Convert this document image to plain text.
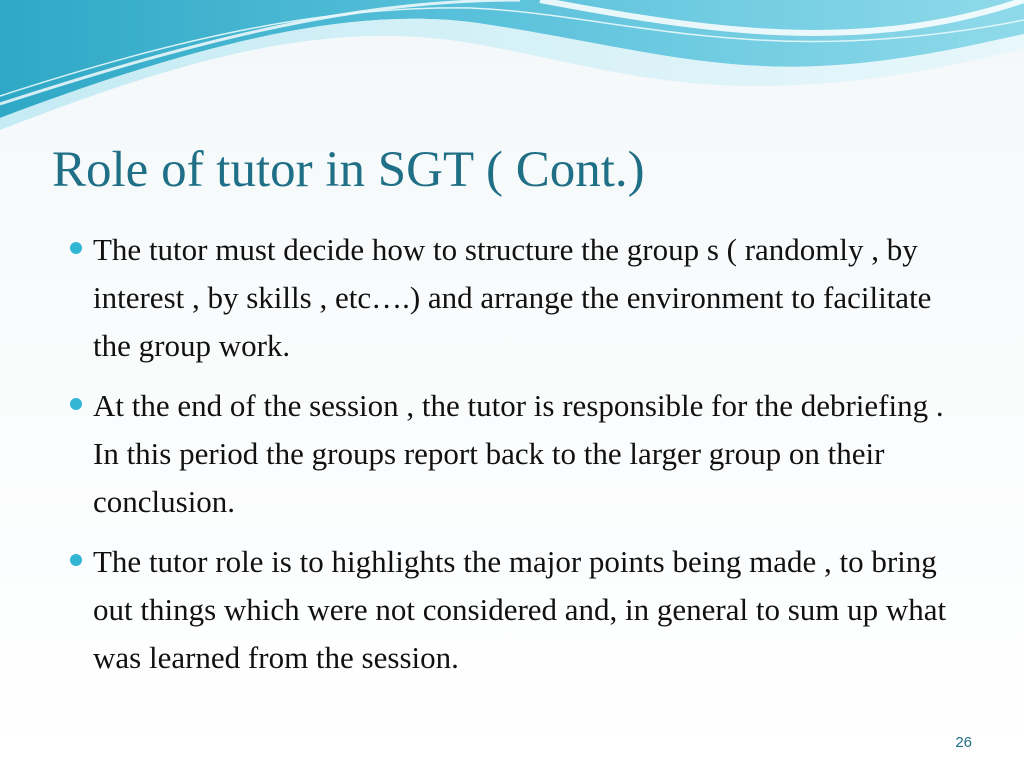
Role of tutor in SGT ( Cont.)
The tutor must decide how to structure the group s ( randomly , by interest , by skills , etc….) and arrange the environment to facilitate the group work.
At the end of the session , the tutor is responsible for the debriefing . In this period the groups report back to the larger group on their conclusion.
The tutor role is to highlights the major points being made , to bring out things which were not considered and, in general to sum up what was learned from the session.
26
